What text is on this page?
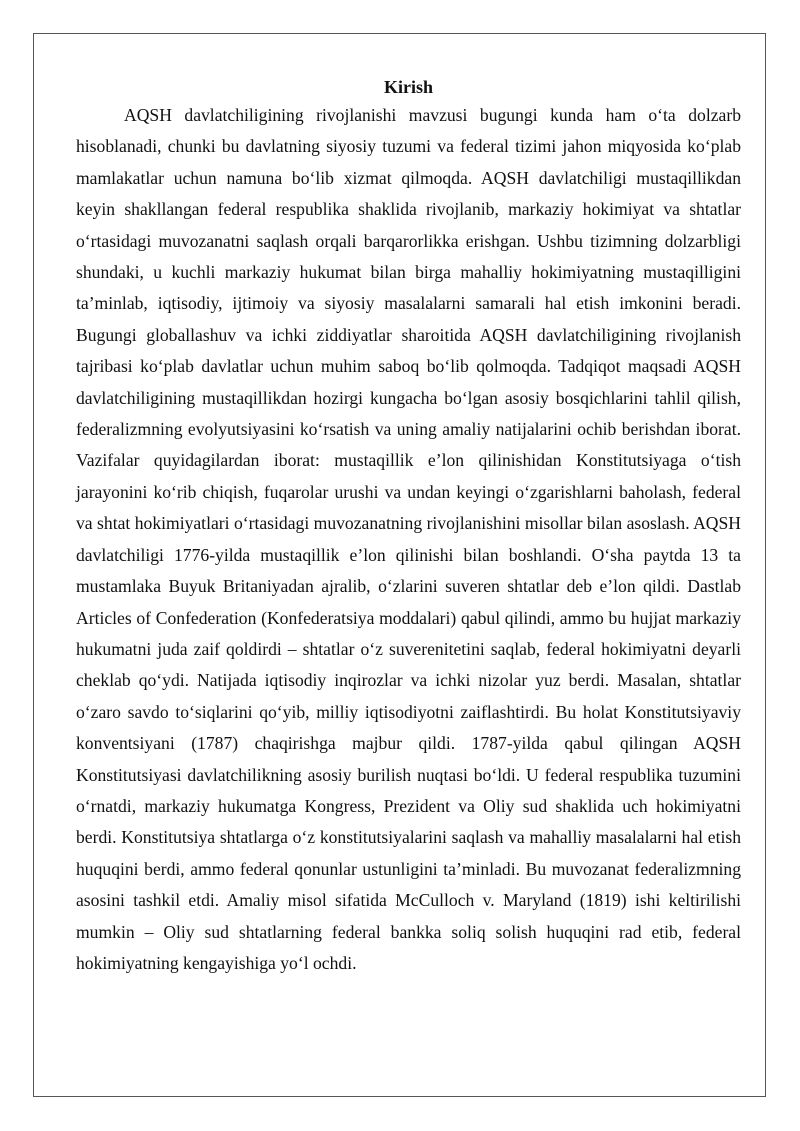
Kirish

AQSH davlatchiligining rivojlanishi mavzusi bugungi kunda ham o‘ta dolzarb hisoblanadi, chunki bu davlatning siyosiy tuzumi va federal tizimi jahon miqyosida ko‘plab mamlakatlar uchun namuna bo‘lib xizmat qilmoqda. AQSH davlatchiligi mustaqillikdan keyin shakllangan federal respublika shaklida rivojlanib, markaziy hokimiyat va shtatlar o‘rtasidagi muvozanatni saqlash orqali barqarorlikka erishgan. Ushbu tizimning dolzarbligi shundaki, u kuchli markaziy hukumat bilan birga mahalliy hokimiyatning mustaqilligini ta’minlab, iqtisodiy, ijtimoiy va siyosiy masalalarni samarali hal etish imkonini beradi. Bugungi globallashuv va ichki ziddiyatlar sharoitida AQSH davlatchiligining rivojlanish tajribasi ko‘plab davlatlar uchun muhim saboq bo‘lib qolmoqda. Tadqiqot maqsadi AQSH davlatchiligining mustaqillikdan hozirgi kungacha bo‘lgan asosiy bosqichlarini tahlil qilish, federalizmning evolyutsiyasini ko‘rsatish va uning amaliy natijalarini ochib berishdan iborat. Vazifalar quyidagilardan iborat: mustaqillik e’lon qilinishidan Konstitutsiyaga o‘tish jarayonini ko‘rib chiqish, fuqarolar urushi va undan keyingi o‘zgarishlarni baholash, federal va shtat hokimiyatlari o‘rtasidagi muvozanatning rivojlanishini misollar bilan asoslash. AQSH davlatchiligi 1776-yilda mustaqillik e’lon qilinishi bilan boshlandi. O‘sha paytda 13 ta mustamlaka Buyuk Britaniyadan ajralib, o‘zlarini suveren shtatlar deb e’lon qildi. Dastlab Articles of Confederation (Konfederatsiya moddalari) qabul qilindi, ammo bu hujjat markaziy hukumatni juda zaif qoldirdi – shtatlar o‘z suverenitetini saqlab, federal hokimiyatni deyarli cheklab qo‘ydi. Natijada iqtisodiy inqirozlar va ichki nizolar yuz berdi. Masalan, shtatlar o‘zaro savdo to‘siqlarini qo‘yib, milliy iqtisodiyotni zaiflashtirdi. Bu holat Konstitutsiyaviy konventsiyani (1787) chaqirishga majbur qildi. 1787-yilda qabul qilingan AQSH Konstitutsiyasi davlatchilikning asosiy burilish nuqtasi bo‘ldi. U federal respublika tuzumini o‘rnatdi, markaziy hukumatga Kongress, Prezident va Oliy sud shaklida uch hokimiyatni berdi. Konstitutsiya shtatlarga o‘z konstitutsiyalarini saqlash va mahalliy masalalarni hal etish huquqini berdi, ammo federal qonunlar ustunligini ta’minladi. Bu muvozanat federalizmning asosini tashkil etdi. Amaliy misol sifatida McCulloch v. Maryland (1819) ishi keltirilishi mumkin – Oliy sud shtatlarning federal bankka soliq solish huquqini rad etib, federal hokimiyatning kengayishiga yo‘l ochdi.
